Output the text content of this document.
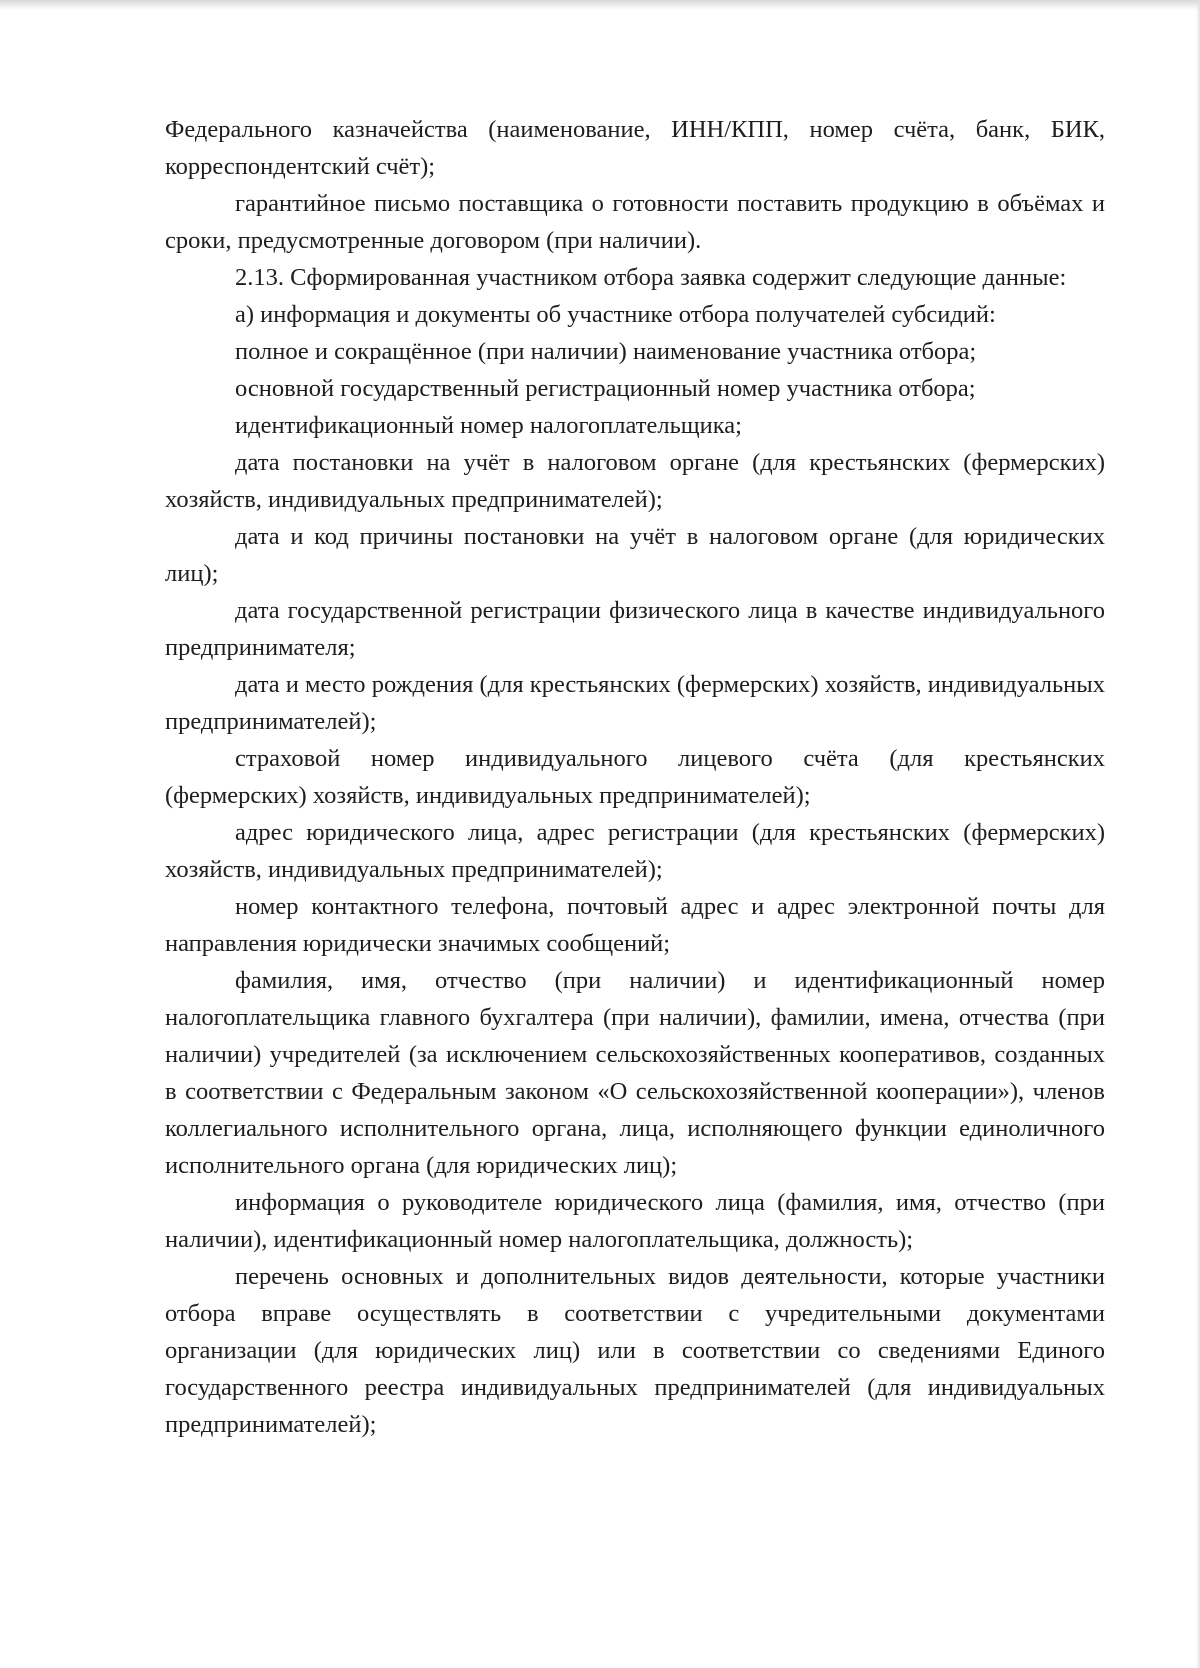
Федерального казначейства (наименование, ИНН/КПП, номер счёта, банк, БИК, корреспондентский счёт);

гарантийное письмо поставщика о готовности поставить продукцию в объёмах и сроки, предусмотренные договором (при наличии).

2.13. Сформированная участником отбора заявка содержит следующие данные:

а) информация и документы об участнике отбора получателей субсидий:

полное и сокращённое (при наличии) наименование участника отбора;

основной государственный регистрационный номер участника отбора;

идентификационный номер налогоплательщика;

дата постановки на учёт в налоговом органе (для крестьянских (фермерских) хозяйств, индивидуальных предпринимателей);

дата и код причины постановки на учёт в налоговом органе (для юридических лиц);

дата государственной регистрации физического лица в качестве индивидуального предпринимателя;

дата и место рождения (для крестьянских (фермерских) хозяйств, индивидуальных предпринимателей);

страховой номер индивидуального лицевого счёта (для крестьянских (фермерских) хозяйств, индивидуальных предпринимателей);

адрес юридического лица, адрес регистрации (для крестьянских (фермерских) хозяйств, индивидуальных предпринимателей);

номер контактного телефона, почтовый адрес и адрес электронной почты для направления юридически значимых сообщений;

фамилия, имя, отчество (при наличии) и идентификационный номер налогоплательщика главного бухгалтера (при наличии), фамилии, имена, отчества (при наличии) учредителей (за исключением сельскохозяйственных кооперативов, созданных в соответствии с Федеральным законом «О сельскохозяйственной кооперации»), членов коллегиального исполнительного органа, лица, исполняющего функции единоличного исполнительного органа (для юридических лиц);

информация о руководителе юридического лица (фамилия, имя, отчество (при наличии), идентификационный номер налогоплательщика, должность);

перечень основных и дополнительных видов деятельности, которые участники отбора вправе осуществлять в соответствии с учредительными документами организации (для юридических лиц) или в соответствии со сведениями Единого государственного реестра индивидуальных предпринимателей (для индивидуальных предпринимателей);
